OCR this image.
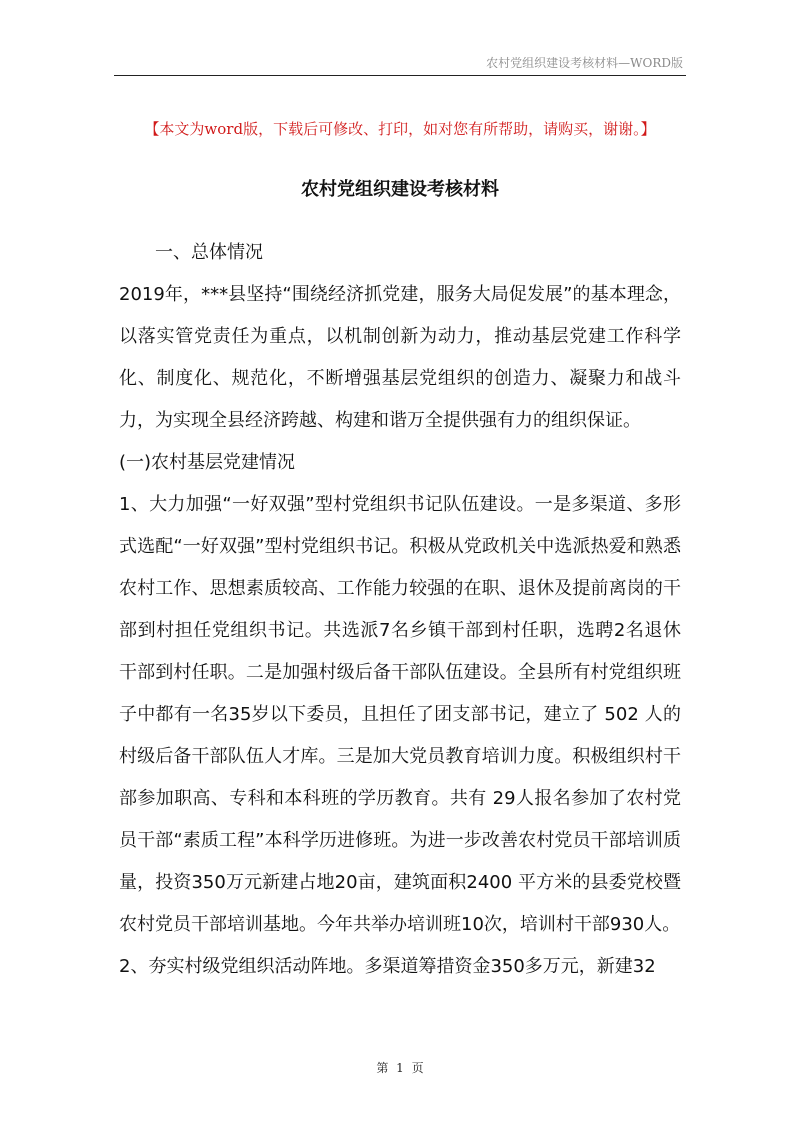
农村党组织建设考核材料—WORD版
【本文为word版，下载后可修改、打印，如对您有所帮助，请购买，谢谢。】
农村党组织建设考核材料

一、总体情况

2019年，***县坚持“围绕经济抓党建，服务大局促发展”的基本理念，以落实管党责任为重点，以机制创新为动力，推动基层党建工作科学化、制度化、规范化，不断增强基层党组织的创造力、凝聚力和战斗力，为实现全县经济跨越、构建和谐万全提供强有力的组织保证。

(一)农村基层党建情况

1、大力加强“一好双强”型村党组织书记队伍建设。一是多渠道、多形式选配“一好双强”型村党组织书记。积极从党政机关中选派热爱和熟悉农村工作、思想素质较高、工作能力较强的在职、退休及提前离岗的干部到村担任党组织书记。共选派7名乡镇干部到村任职，选聘2名退休干部到村任职。二是加强村级后备干部队伍建设。全县所有村党组织班子中都有一名35岁以下委员，且担任了团支部书记，建立了 502 人的村级后备干部队伍人才库。三是加大党员教育培训力度。积极组织村干部参加职高、专科和本科班的学历教育。共有 29人报名参加了农村党员干部“素质工程”本科学历进修班。为进一步改善农村党员干部培训质量，投资350万元新建占地20亩，建筑面积2400 平方米的县委党校暨农村党员干部培训基地。今年共举办培训班10次，培训村干部930人。

2、夯实村级党组织活动阵地。多渠道筹措资金350多万元，新建32

第 1 页
